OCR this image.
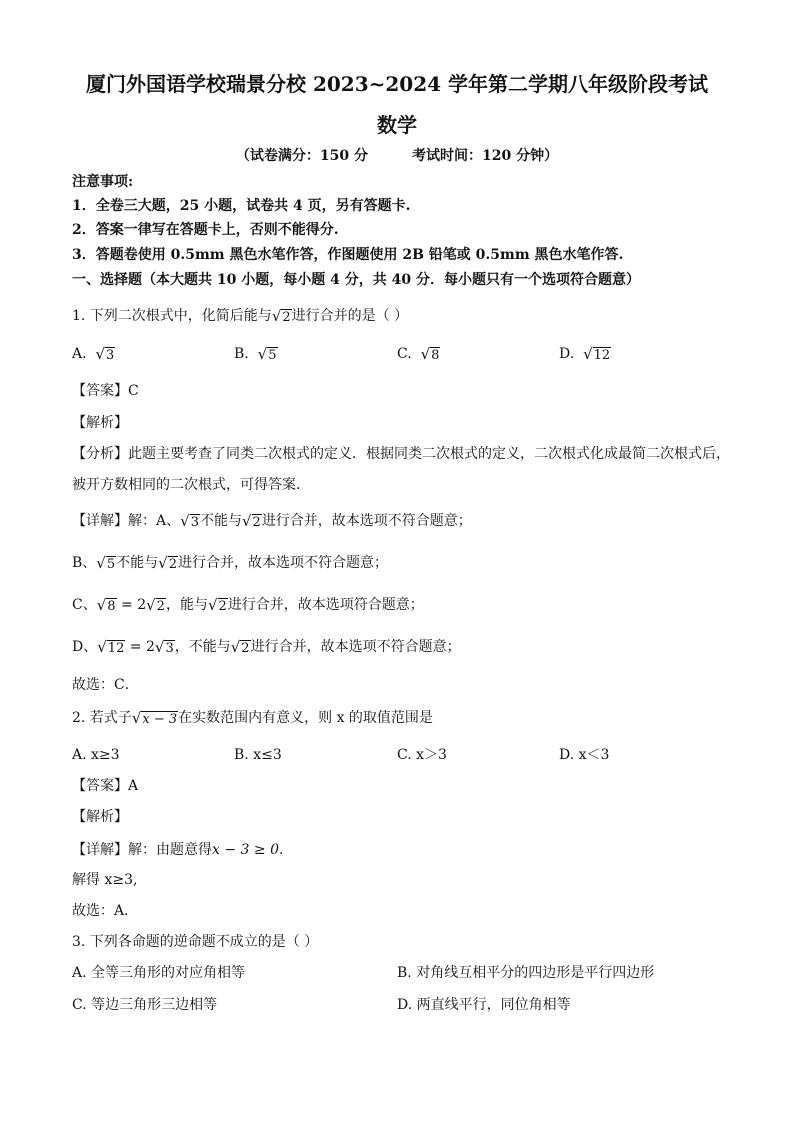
厦门外国语学校瑞景分校 2023~2024 学年第二学期八年级阶段考试
数学
（试卷满分：150 分	考试时间：120 分钟）
注意事项:
1．全卷三大题，25 小题，试卷共 4 页，另有答题卡.
2．答案一律写在答题卡上，否则不能得分.
3．答题卷使用 0.5mm 黑色水笔作答，作图题使用 2B 铅笔或 0.5mm 黑色水笔作答.
一、选择题（本大题共 10 小题，每小题 4 分，共 40 分．每小题只有一个选项符合题意）
1. 下列二次根式中，化简后能与 √ 2 进行合并的是（ ）
A. √ 3	B. √ 5	C. √ 8	D. √ 12
【答案】C
【解析】
【分析】此题主要考查了同类二次根式的定义．根据同类二次根式的定义，二次根式化成最简二次根式后，
被开方数相同的二次根式，可得答案．
【详解】解：A、 √ 3 不能与 √ 2 进行合并，故本选项不符合题意；
B、 √ 5 不能与 √ 2 进行合并，故本选项不符合题意；
C、 √ 8 = 2 √ 2 ，能与 √ 2 进行合并，故本选项符合题意；
D、 √ 12 = 2 √ 3 ，不能与 √ 2 进行合并，故本选项不符合题意；
故选：C．
2. 若式子 √ x − 3 在实数范围内有意义，则 x 的取值范围是
A. x≥3	B. x≤3	C. x＞3	D. x＜3
【答案】A
【解析】
【详解】解：由题意得x − 3 ≥ 0.
解得 x≥3,
故选：A．
3. 下列各命题的逆命题不成立的是（ ）
A. 全等三角形的对应角相等	B. 对角线互相平分的四边形是平行四边形
C. 等边三角形三边相等	D. 两直线平行，同位角相等
